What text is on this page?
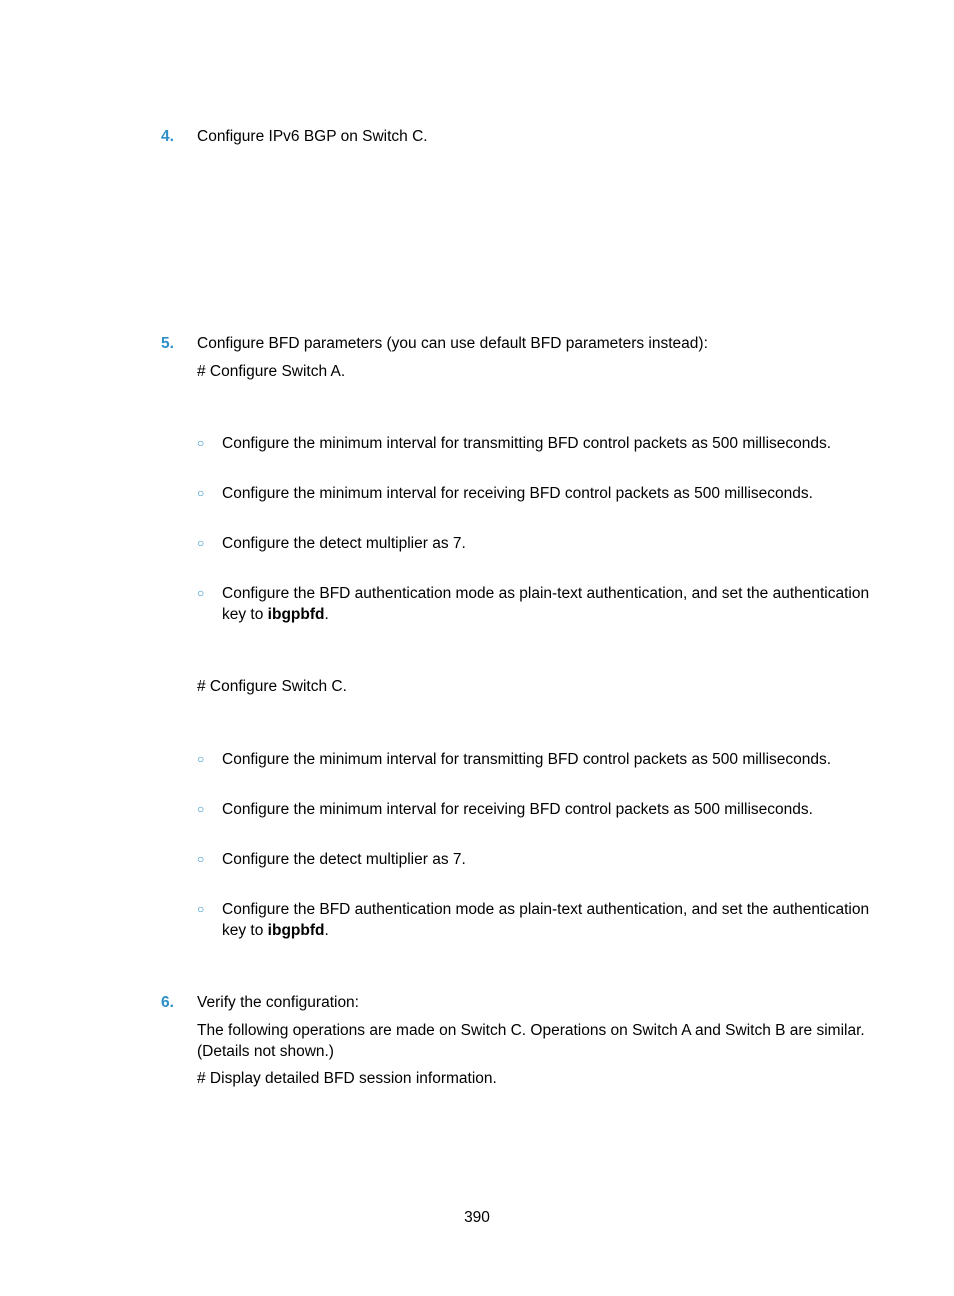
4. Configure IPv6 BGP on Switch C.
5. Configure BFD parameters (you can use default BFD parameters instead):
# Configure Switch A.
○ Configure the minimum interval for transmitting BFD control packets as 500 milliseconds.
○ Configure the minimum interval for receiving BFD control packets as 500 milliseconds.
○ Configure the detect multiplier as 7.
○ Configure the BFD authentication mode as plain-text authentication, and set the authentication
key to ibgpbfd.
# Configure Switch C.
○ Configure the minimum interval for transmitting BFD control packets as 500 milliseconds.
○ Configure the minimum interval for receiving BFD control packets as 500 milliseconds.
○ Configure the detect multiplier as 7.
○ Configure the BFD authentication mode as plain-text authentication, and set the authentication
key to ibgpbfd.
6. Verify the configuration:
The following operations are made on Switch C. Operations on Switch A and Switch B are similar.
(Details not shown.)
# Display detailed BFD session information.
390
